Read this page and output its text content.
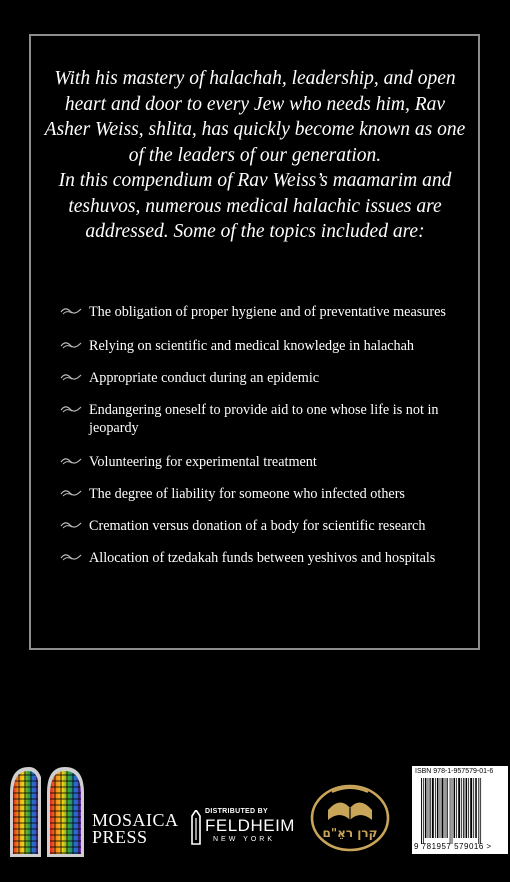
With his mastery of halachah, leadership, and open heart and door to every Jew who needs him, Rav Asher Weiss, shlita, has quickly become known as one of the leaders of our generation.

In this compendium of Rav Weiss’s maamarim and teshuvos, numerous medical halachic issues are addressed. Some of the topics included are:

The obligation of proper hygiene and of preventative measures
Relying on scientific and medical knowledge in halachah
Appropriate conduct during an epidemic
Endangering oneself to provide aid to one whose life is not in jeopardy
Volunteering for experimental treatment
The degree of liability for someone who infected others
Cremation versus donation of a body for scientific research
Allocation of tzedakah funds between yeshivos and hospitals
MOSAICA
PRESS
DISTRIBUTED BY
FELDHEIM
NEW YORK	קרן ראֵ"ם
ISBN 978-1-957579-01-6
9 781957 579016 >
